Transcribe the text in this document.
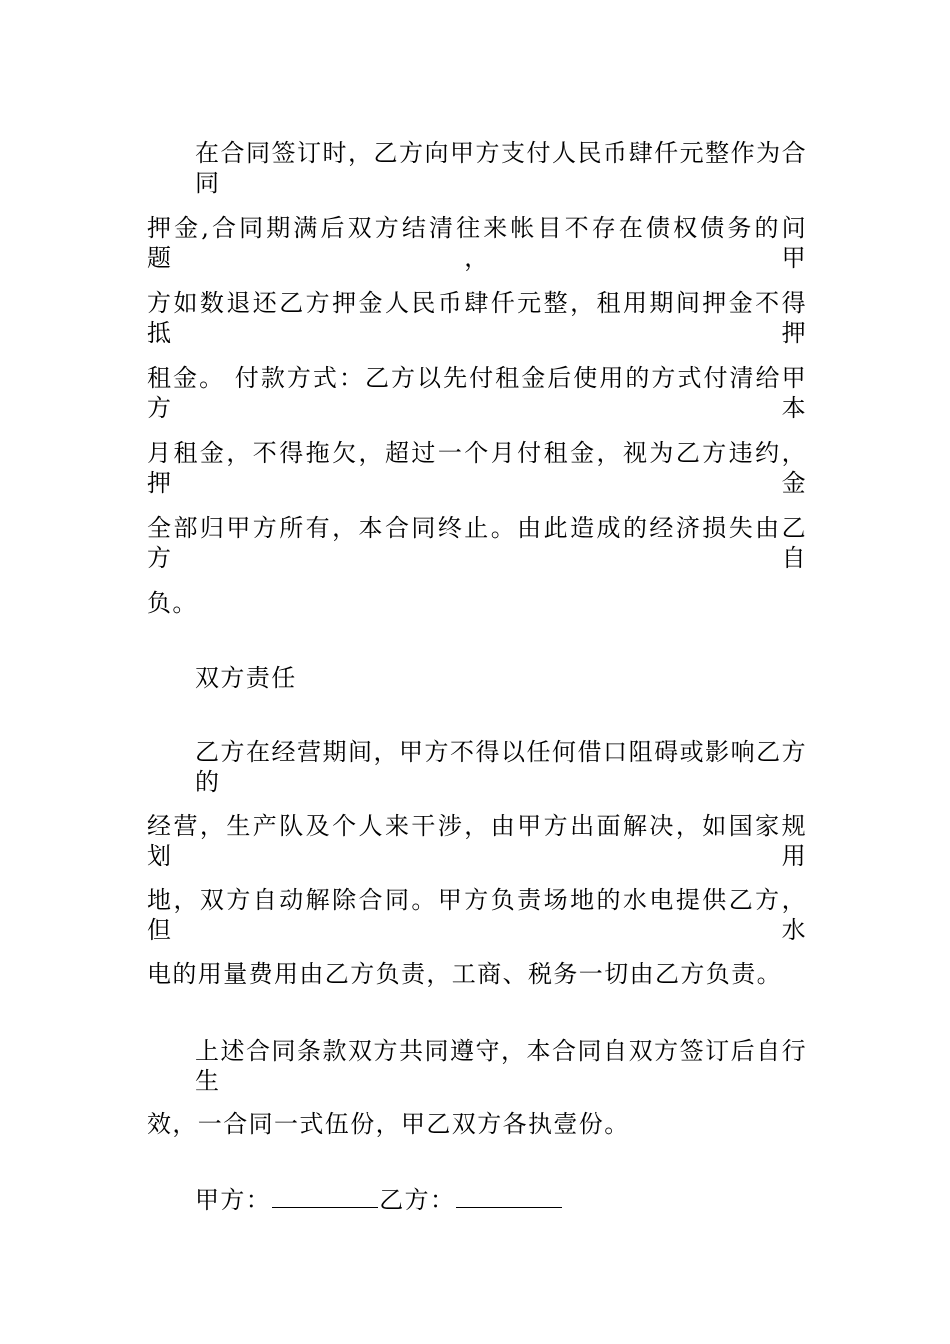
在合同签订时，乙方向甲方支付人民币肆仟元整作为合同
押金,合同期满后双方结清往来帐目不存在债权债务的问题，甲
方如数退还乙方押金人民币肆仟元整，租用期间押金不得抵押
租金。 付款方式：乙方以先付租金后使用的方式付清给甲方本
月租金，不得拖欠，超过一个月付租金，视为乙方违约，押金
全部归甲方所有，本合同终止。由此造成的经济损失由乙方自
负。
双方责任
乙方在经营期间，甲方不得以任何借口阻碍或影响乙方的
经营，生产队及个人来干涉，由甲方出面解决，如国家规划用
地，双方自动解除合同。甲方负责场地的水电提供乙方，但水
电的用量费用由乙方负责，工商、税务一切由乙方负责。
上述合同条款双方共同遵守，本合同自双方签订后自行生
效，一合同一式伍份，甲乙双方各执壹份。
甲方：	乙方：
